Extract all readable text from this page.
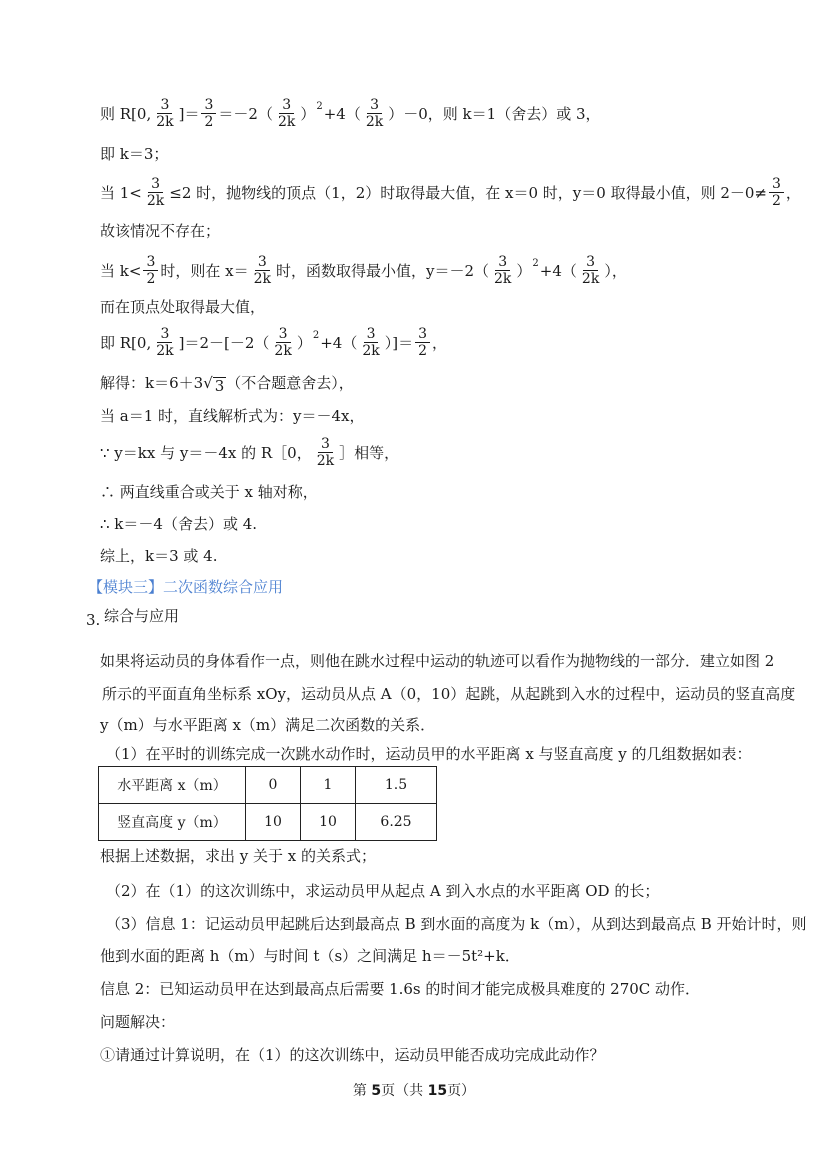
则 R[0, $\frac{3}{2k}$ ]＝ $\frac{3}{2} =-2( \frac{3}{2k}$ ） $2 +4( \frac{3}{2k} )-0$，则 k＝1（舍去）或 3，
即 k＝3；
当 $1< \frac{3}{2k} \le 2$ 时，抛物线的顶点（1，2）时取得最大值，在 x＝0 时，y＝0 取得最小值，则 $2-0\ne \frac{3}{2}$ ，
故该情况不存在；
当 $k< \frac{3}{2}$ 时，则在 $x= \frac{3}{2k}$ 时，函数取得最小值，$y=-2( \frac{3}{2k}$ ） $2 +4( \frac{3}{2k}$ ），
而在顶点处取得最大值，
即 R[0, $\frac{3}{2k} ]=2-[-2( \frac{3}{2k}$ ） $2 +4( \frac{3}{2k}$ ）]＝ $\frac{3}{2}$ ，
解得：k＝6＋3 √ 3 （不合题意舍去），
当 a＝1 时，直线解析式为：y＝－4x，
∵ y＝kx 与 y＝－4x 的 R［0， $\frac{3}{2k}$ ］相等，
∴ 两直线重合或关于 x 轴对称，
∴ k＝－4（舍去）或 4.
综上，k＝3 或 4.
【模块三】二次函数综合应用
3. 综合与应用
如果将运动员的身体看作一点，则他在跳水过程中运动的轨迹可以看作为抛物线的一部分．建立如图 2
所示的平面直角坐标系 xOy，运动员从点 A（0，10）起跳，从起跳到入水的过程中，运动员的竖直高度
y（m）与水平距离 x（m）满足二次函数的关系．
（1）在平时的训练完成一次跳水动作时，运动员甲的水平距离 x 与竖直高度 y 的几组数据如表：
水平距离 x（m）	0	1	1.5
竖直高度 y（m）	10	10	6.25
根据上述数据，求出 y 关于 x 的关系式；
（2）在（1）的这次训练中，求运动员甲从起点 A 到入水点的水平距离 OD 的长；
（3）信息 1：记运动员甲起跳后达到最高点 B 到水面的高度为 k（m），从到达到最高点 B 开始计时，则
他到水面的距离 h（m）与时间 t（s）之间满足 h＝－5t²+k．
信息 2：已知运动员甲在达到最高点后需要 1.6s 的时间才能完成极具难度的 270C 动作．
问题解决：
①请通过计算说明，在（1）的这次训练中，运动员甲能否成功完成此动作？
第 5页（共 15页）
